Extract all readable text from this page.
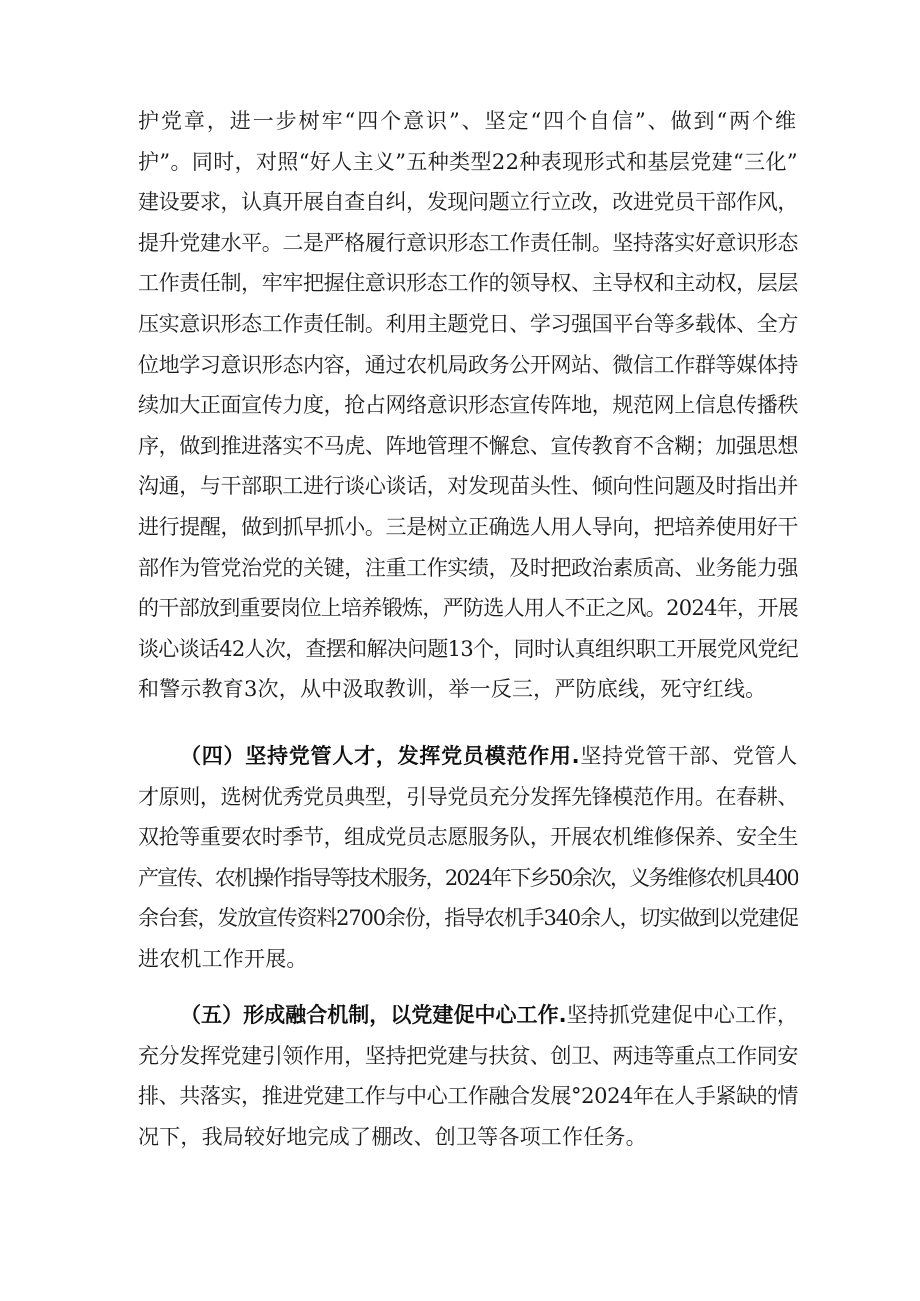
护党章，进一步树牢“四个意识”、坚定“四个自信”、做到“两个维
护”。同时，对照“好人主义”五种类型22种表现形式和基层党建“三化”
建设要求，认真开展自查自纠，发现问题立行立改，改进党员干部作风，
提升党建水平。二是严格履行意识形态工作责任制。坚持落实好意识形态
工作责任制，牢牢把握住意识形态工作的领导权、主导权和主动权，层层
压实意识形态工作责任制。利用主题党日、学习强国平台等多载体、全方
位地学习意识形态内容，通过农机局政务公开网站、微信工作群等媒体持
续加大正面宣传力度，抢占网络意识形态宣传阵地，规范网上信息传播秩
序，做到推进落实不马虎、阵地管理不懈怠、宣传教育不含糊；加强思想
沟通，与干部职工进行谈心谈话，对发现苗头性、倾向性问题及时指出并
进行提醒，做到抓早抓小。三是树立正确选人用人导向，把培养使用好干
部作为管党治党的关键，注重工作实绩，及时把政治素质高、业务能力强
的干部放到重要岗位上培养锻炼，严防选人用人不正之风。2024年，开展
谈心谈话42人次，查摆和解决问题13个，同时认真组织职工开展党风党纪
和警示教育3次，从中汲取教训，举一反三，严防底线，死守红线。
（四）坚持党管人才，发挥党员模范作用.坚持党管干部、党管人
才原则，选树优秀党员典型，引导党员充分发挥先锋模范作用。在春耕、
双抢等重要农时季节，组成党员志愿服务队，开展农机维修保养、安全生
产宣传、农机操作指导等技术服务，2024年下乡50余次，义务维修农机具400
余台套，发放宣传资料2700余份，指导农机手340余人，切实做到以党建促
进农机工作开展。
（五）形成融合机制，以党建促中心工作.坚持抓党建促中心工作，
充分发挥党建引领作用，坚持把党建与扶贫、创卫、两违等重点工作同安
排、共落实，推进党建工作与中心工作融合发展°2024年在人手紧缺的情
况下，我局较好地完成了棚改、创卫等各项工作任务。
